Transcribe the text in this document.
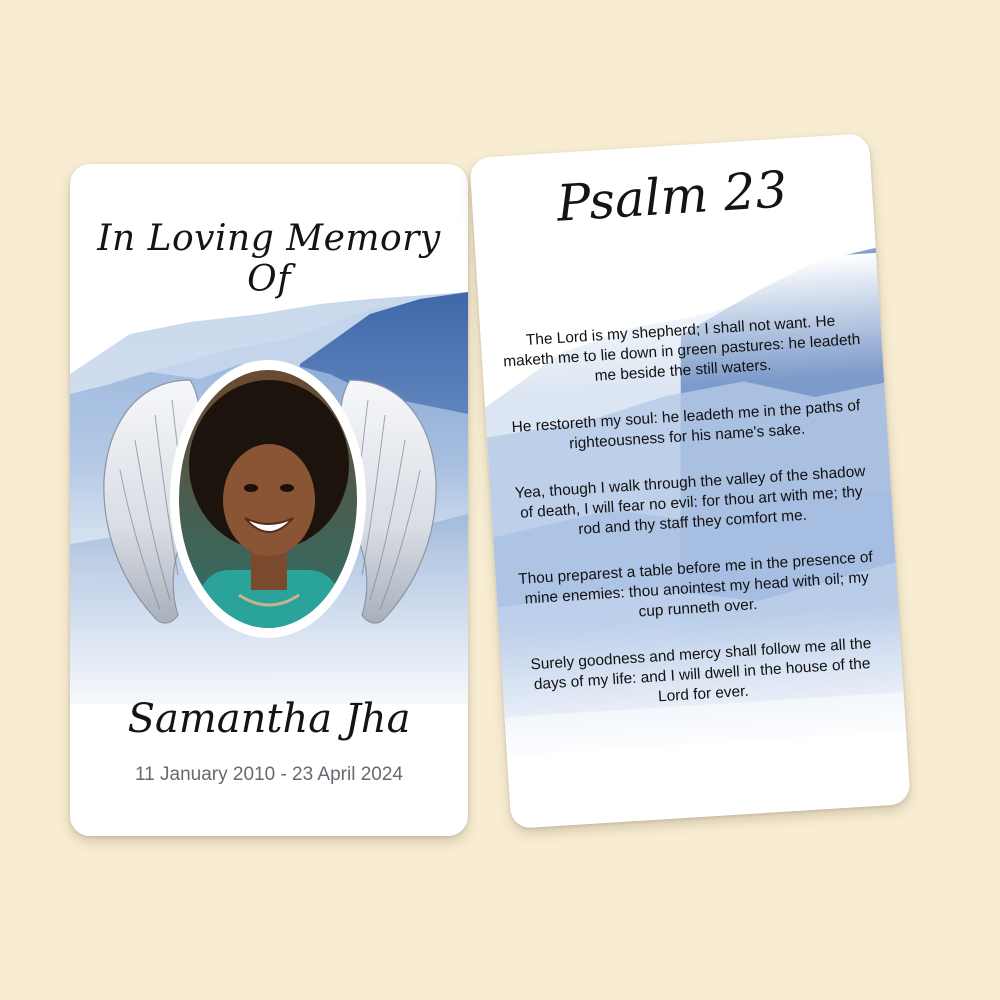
In Loving Memory Of
Samantha Jha
11 January 2010 - 23 April 2024
Psalm 23

The Lord is my shepherd; I shall not want. He maketh me to lie down in green pastures: he leadeth me beside the still waters.

He restoreth my soul: he leadeth me in the paths of righteousness for his name's sake.

Yea, though I walk through the valley of the shadow of death, I will fear no evil: for thou art with me; thy rod and thy staff they comfort me.

Thou preparest a table before me in the presence of mine enemies: thou anointest my head with oil; my cup runneth over.

Surely goodness and mercy shall follow me all the days of my life: and I will dwell in the house of the Lord for ever.
